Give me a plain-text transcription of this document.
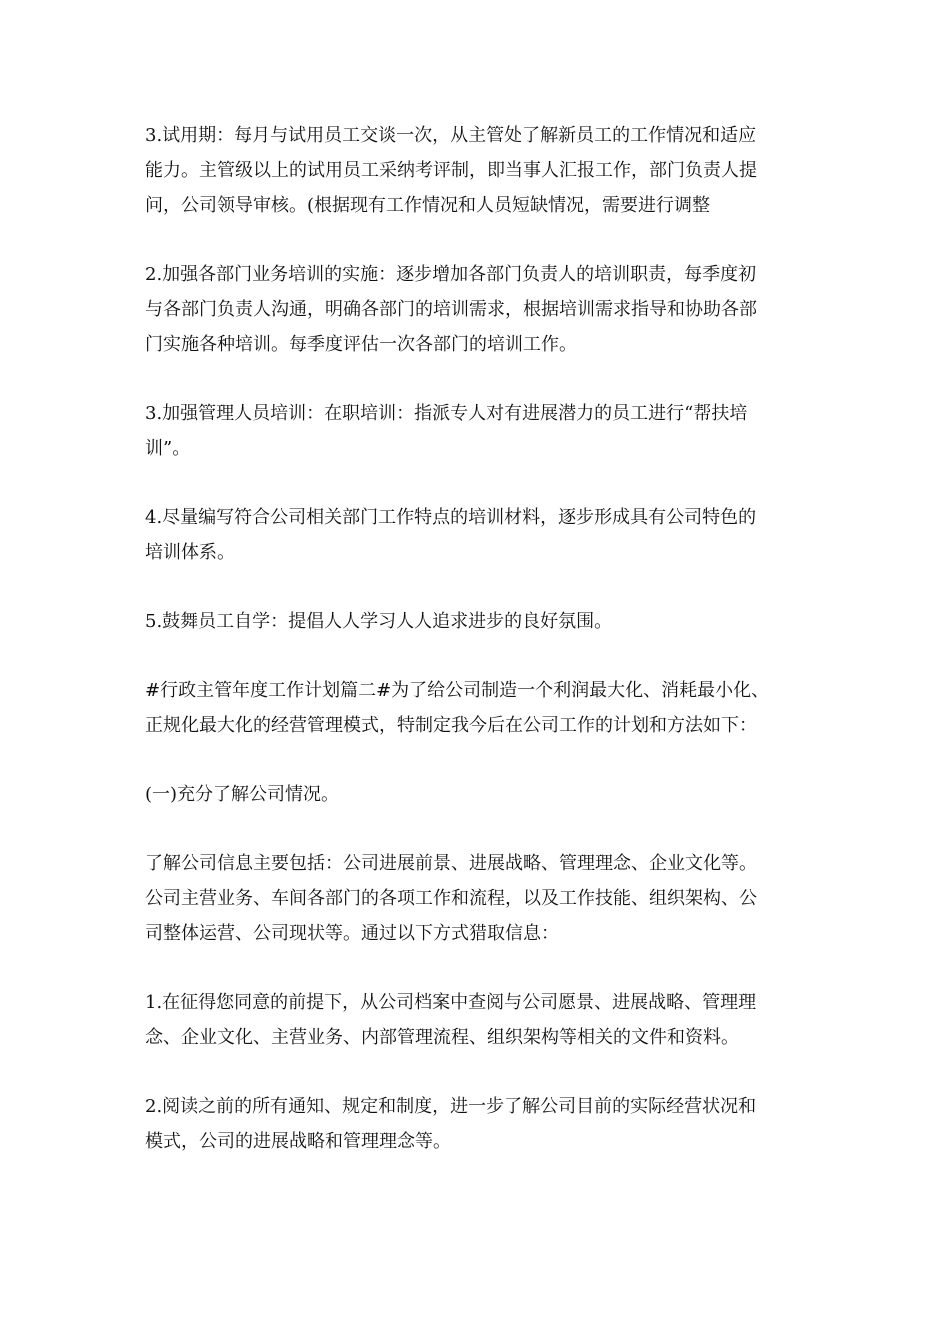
3.试用期：每月与试用员工交谈一次，从主管处了解新员工的工作情况和适应
能力。主管级以上的试用员工采纳考评制，即当事人汇报工作，部门负责人提
问，公司领导审核。(根据现有工作情况和人员短缺情况，需要进行调整
2.加强各部门业务培训的实施：逐步增加各部门负责人的培训职责，每季度初
与各部门负责人沟通，明确各部门的培训需求，根据培训需求指导和协助各部
门实施各种培训。每季度评估一次各部门的培训工作。
3.加强管理人员培训：在职培训：指派专人对有进展潜力的员工进行“帮扶培
训”。
4.尽量编写符合公司相关部门工作特点的培训材料，逐步形成具有公司特色的
培训体系。
5.鼓舞员工自学：提倡人人学习人人追求进步的良好氛围。
#行政主管年度工作计划篇二#为了给公司制造一个利润最大化、消耗最小化、
正规化最大化的经营管理模式，特制定我今后在公司工作的计划和方法如下：
(一)充分了解公司情况。
了解公司信息主要包括：公司进展前景、进展战略、管理理念、企业文化等。
公司主营业务、车间各部门的各项工作和流程，以及工作技能、组织架构、公
司整体运营、公司现状等。通过以下方式猎取信息：
1.在征得您同意的前提下，从公司档案中查阅与公司愿景、进展战略、管理理
念、企业文化、主营业务、内部管理流程、组织架构等相关的文件和资料。
2.阅读之前的所有通知、规定和制度，进一步了解公司目前的实际经营状况和
模式，公司的进展战略和管理理念等。
